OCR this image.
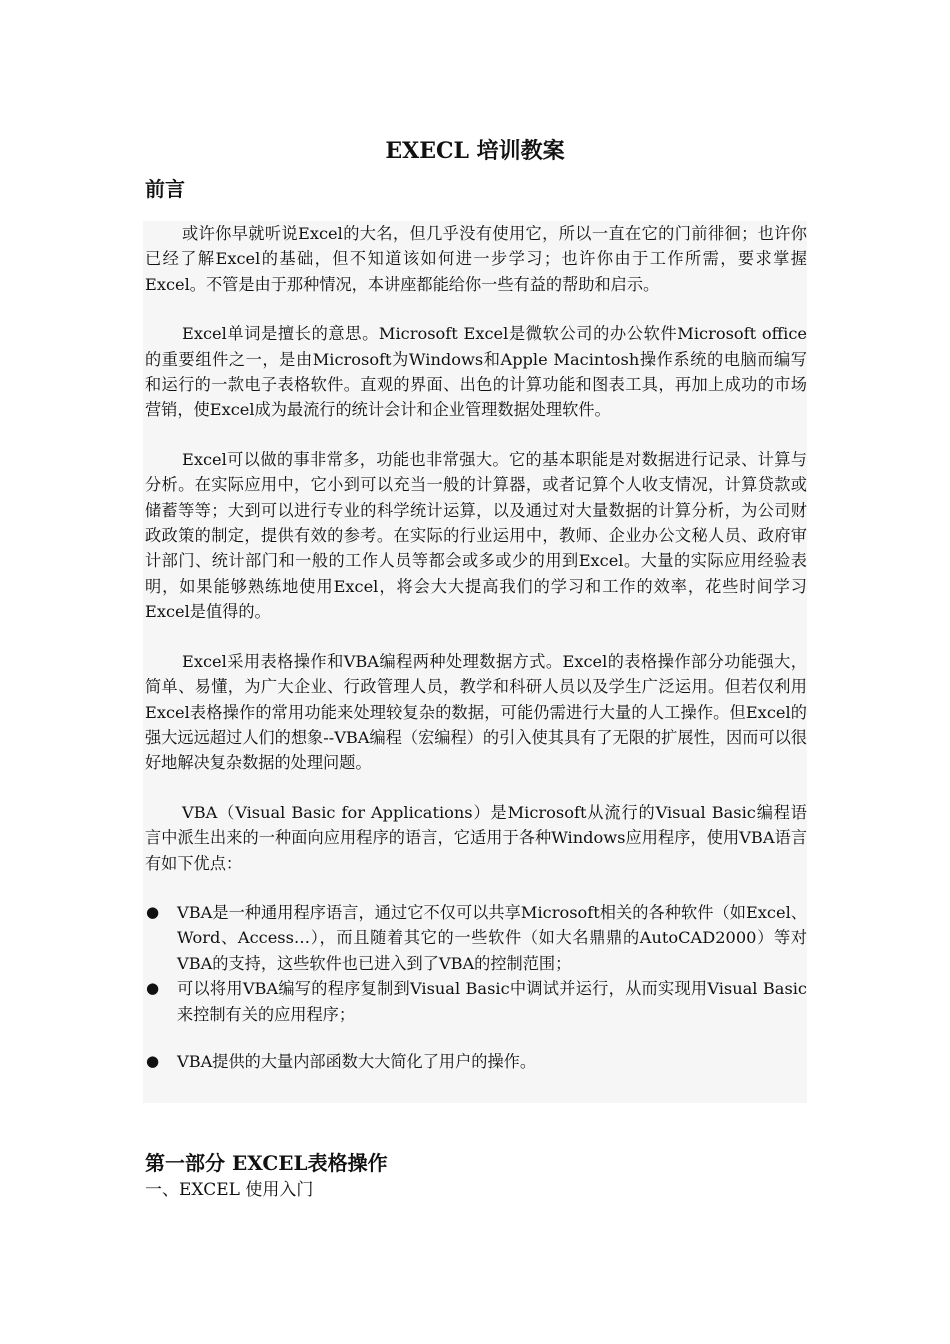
EXECL 培训教案
前言

或许你早就听说Excel的大名，但几乎没有使用它，所以一直在它的门前徘徊；也许你已经了解Excel的基础，但不知道该如何进一步学习；也许你由于工作所需，要求掌握Excel。不管是由于那种情况，本讲座都能给你一些有益的帮助和启示。

Excel单词是擅长的意思。Microsoft Excel是微软公司的办公软件Microsoft office的重要组件之一，是由Microsoft为Windows和Apple Macintosh操作系统的电脑而编写和运行的一款电子表格软件。直观的界面、出色的计算功能和图表工具，再加上成功的市场营销，使Excel成为最流行的统计会计和企业管理数据处理软件。

Excel可以做的事非常多，功能也非常强大。它的基本职能是对数据进行记录、计算与分析。在实际应用中，它小到可以充当一般的计算器，或者记算个人收支情况，计算贷款或储蓄等等；大到可以进行专业的科学统计运算，以及通过对大量数据的计算分析，为公司财政政策的制定，提供有效的参考。在实际的行业运用中，教师、企业办公文秘人员、政府审计部门、统计部门和一般的工作人员等都会或多或少的用到Excel。大量的实际应用经验表明，如果能够熟练地使用Excel，将会大大提高我们的学习和工作的效率，花些时间学习Excel是值得的。

Excel采用表格操作和VBA编程两种处理数据方式。Excel的表格操作部分功能强大，简单、易懂，为广大企业、行政管理人员，教学和科研人员以及学生广泛运用。但若仅利用Excel表格操作的常用功能来处理较复杂的数据，可能仍需进行大量的人工操作。但Excel的强大远远超过人们的想象--VBA编程（宏编程）的引入使其具有了无限的扩展性，因而可以很好地解决复杂数据的处理问题。

VBA（Visual Basic for Applications）是Microsoft从流行的Visual Basic编程语言中派生出来的一种面向应用程序的语言，它适用于各种Windows应用程序，使用VBA语言有如下优点：

● VBA是一种通用程序语言，通过它不仅可以共享Microsoft相关的各种软件（如Excel、Word、Access…），而且随着其它的一些软件（如大名鼎鼎的AutoCAD2000）等对VBA的支持，这些软件也已进入到了VBA的控制范围；
● 可以将用VBA编写的程序复制到Visual Basic中调试并运行，从而实现用Visual Basic来控制有关的应用程序；
● VBA提供的大量内部函数大大简化了用户的操作。
第一部分 EXCEL表格操作
一、EXCEL 使用入门
